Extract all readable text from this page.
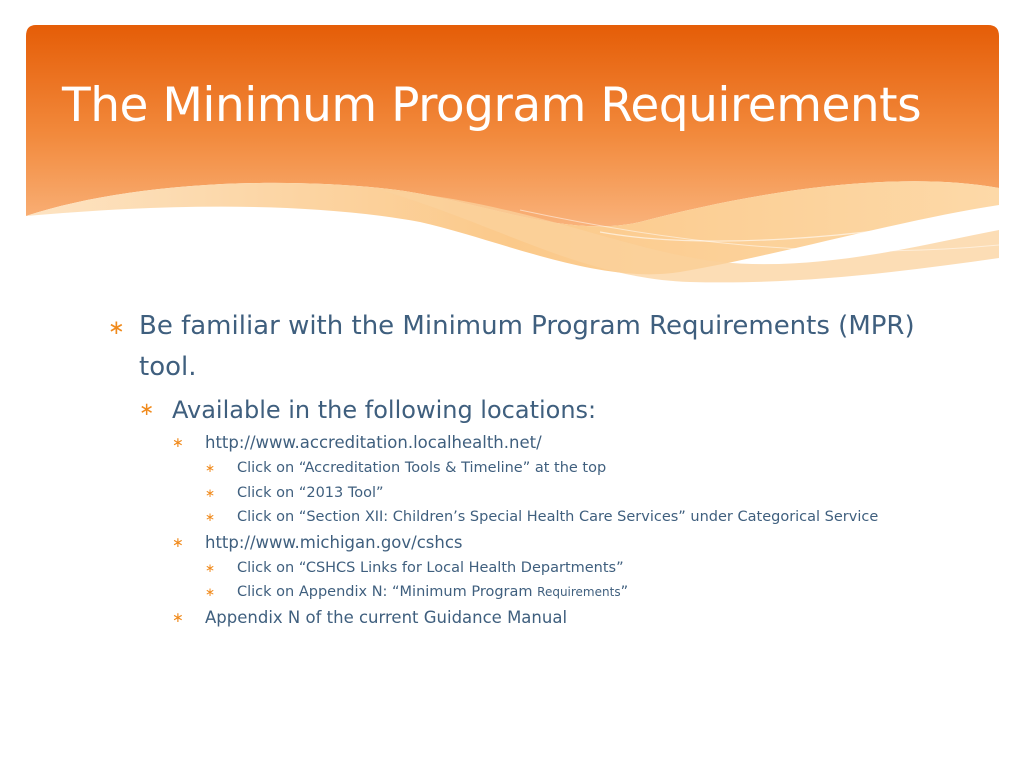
The Minimum Program Requirements
∗ Be familiar with the Minimum Program Requirements (MPR) tool.
∗ Available in the following locations:
∗ http://www.accreditation.localhealth.net/
∗ Click on “Accreditation Tools & Timeline” at the top
∗ Click on “2013 Tool”
∗ Click on “Section XII: Children’s Special Health Care Services” under Categorical Service
∗ http://www.michigan.gov/cshcs
∗ Click on “CSHCS Links for Local Health Departments”
∗ Click on Appendix N: “Minimum Program Requirements”
∗ Appendix N of the current Guidance Manual
